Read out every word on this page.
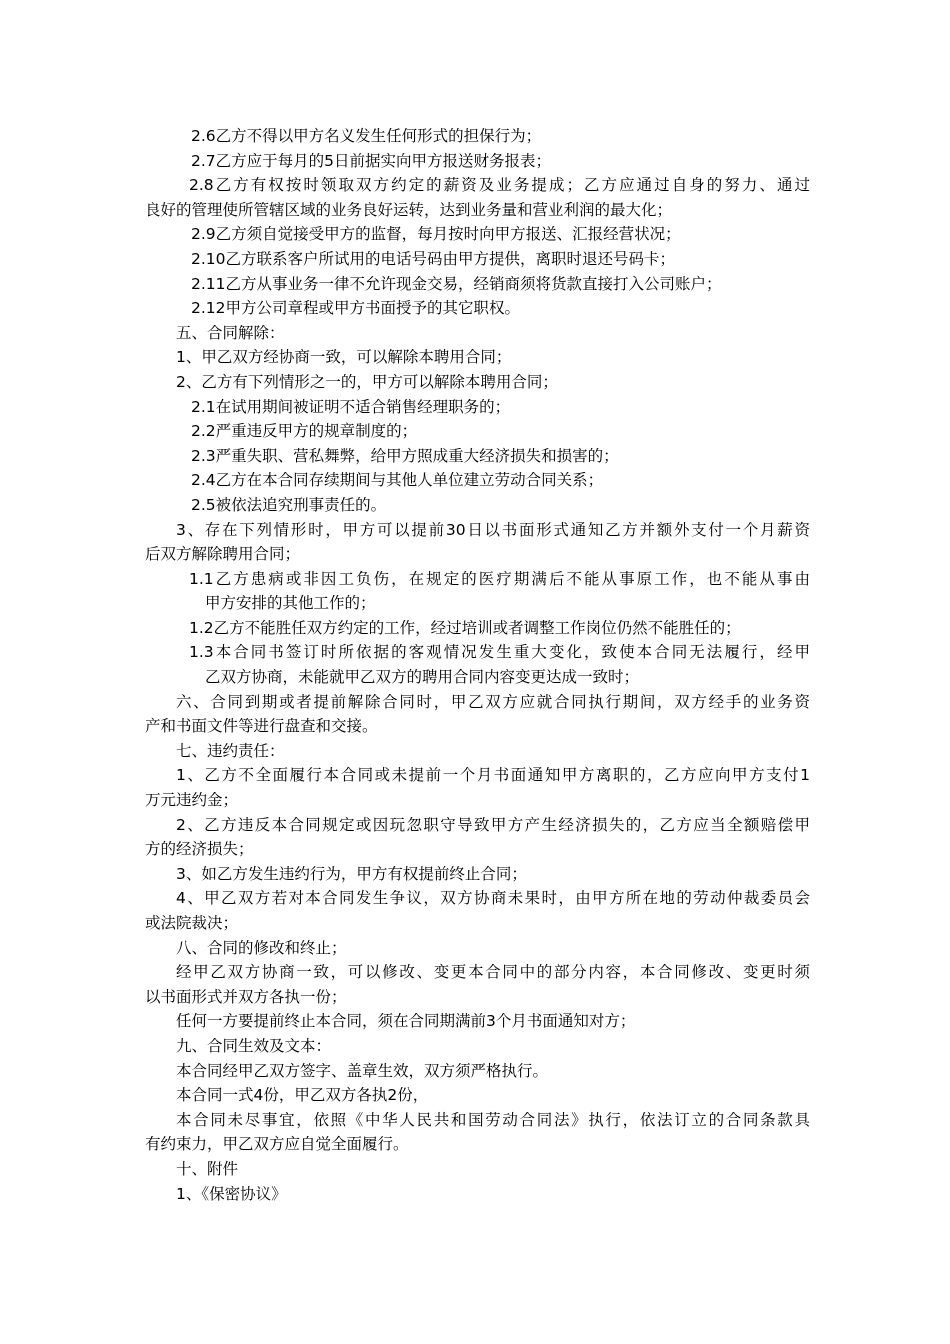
2.6乙方不得以甲方名义发生任何形式的担保行为；
2.7乙方应于每月的5日前据实向甲方报送财务报表；
2.8乙方有权按时领取双方约定的薪资及业务提成；乙方应通过自身的努力、通过
良好的管理使所管辖区域的业务良好运转，达到业务量和营业利润的最大化；
2.9乙方须自觉接受甲方的监督，每月按时向甲方报送、汇报经营状况；
2.10乙方联系客户所试用的电话号码由甲方提供，离职时退还号码卡；
2.11乙方从事业务一律不允许现金交易，经销商须将货款直接打入公司账户；
2.12甲方公司章程或甲方书面授予的其它职权。
五、合同解除：
1、甲乙双方经协商一致，可以解除本聘用合同；
2、乙方有下列情形之一的，甲方可以解除本聘用合同；
2.1在试用期间被证明不适合销售经理职务的；
2.2严重违反甲方的规章制度的；
2.3严重失职、营私舞弊，给甲方照成重大经济损失和损害的；
2.4乙方在本合同存续期间与其他人单位建立劳动合同关系；
2.5被依法追究刑事责任的。
3、存在下列情形时，甲方可以提前30日以书面形式通知乙方并额外支付一个月薪资
后双方解除聘用合同；
1.1乙方患病或非因工负伤，在规定的医疗期满后不能从事原工作，也不能从事由
甲方安排的其他工作的；
1.2乙方不能胜任双方约定的工作，经过培训或者调整工作岗位仍然不能胜任的；
1.3本合同书签订时所依据的客观情况发生重大变化，致使本合同无法履行，经甲
乙双方协商，未能就甲乙双方的聘用合同内容变更达成一致时；
六、合同到期或者提前解除合同时，甲乙双方应就合同执行期间，双方经手的业务资
产和书面文件等进行盘查和交接。
七、违约责任：
1、乙方不全面履行本合同或未提前一个月书面通知甲方离职的，乙方应向甲方支付1
万元违约金；
2、乙方违反本合同规定或因玩忽职守导致甲方产生经济损失的，乙方应当全额赔偿甲
方的经济损失；
3、如乙方发生违约行为，甲方有权提前终止合同；
4、甲乙双方若对本合同发生争议，双方协商未果时，由甲方所在地的劳动仲裁委员会
或法院裁决；
八、合同的修改和终止；
经甲乙双方协商一致，可以修改、变更本合同中的部分内容，本合同修改、变更时须
以书面形式并双方各执一份；
任何一方要提前终止本合同，须在合同期满前3个月书面通知对方；
九、合同生效及文本：
本合同经甲乙双方签字、盖章生效，双方须严格执行。
本合同一式4份，甲乙双方各执2份，
本合同未尽事宜，依照《中华人民共和国劳动合同法》执行，依法订立的合同条款具
有约束力，甲乙双方应自觉全面履行。
十、附件
1、《保密协议》
